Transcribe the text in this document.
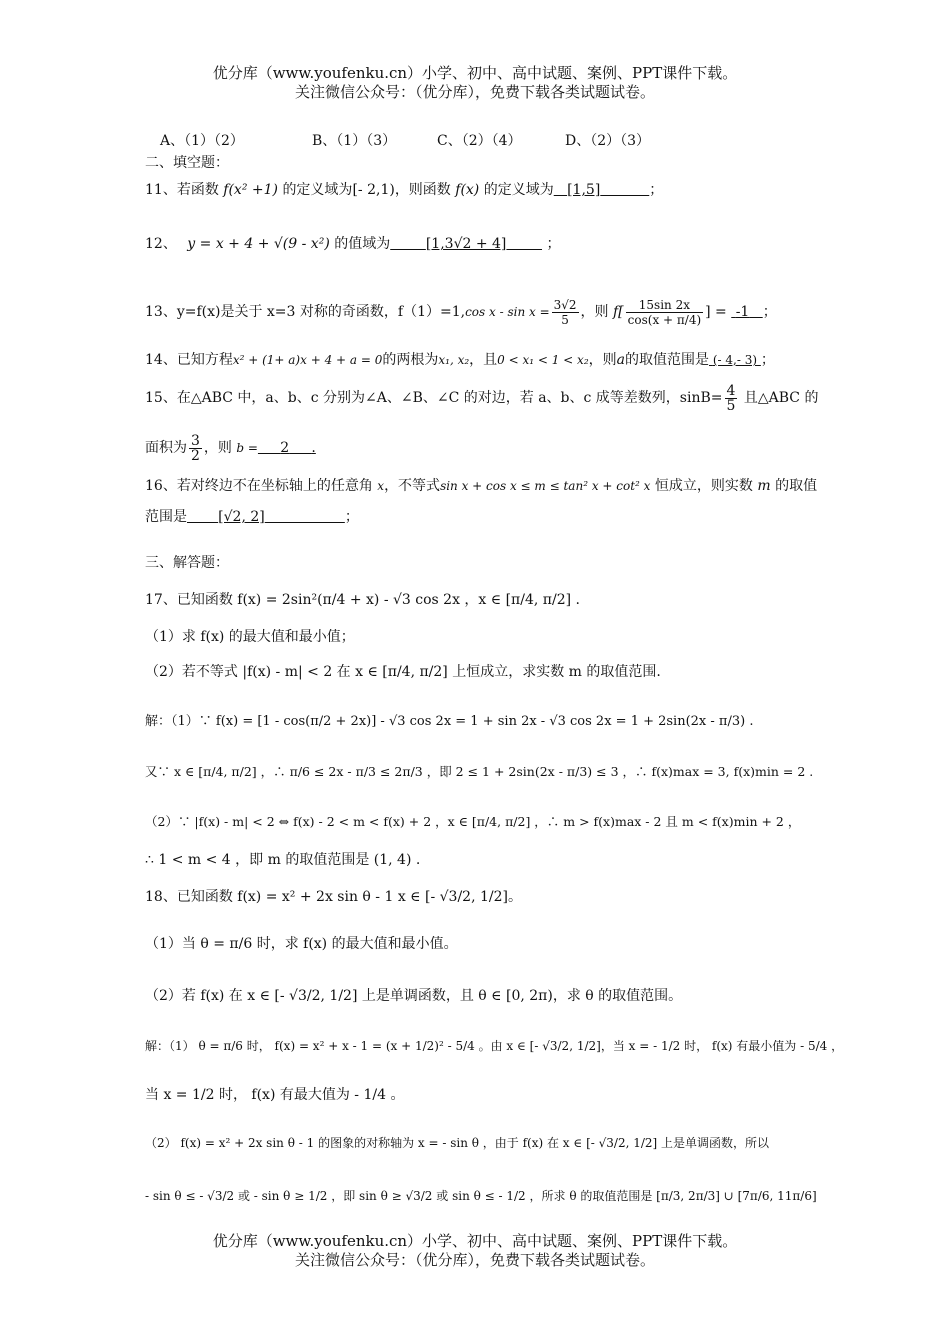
优分库（www.youfenku.cn）小学、初中、高中试题、案例、PPT课件下载。
关注微信公众号：（优分库），免费下载各类试题试卷。
A、（1）（2）	B、（1）（3）	C、（2）（4）	D、（2）（3）
二、填空题：
11、若函数 f(x² +1) 的定义域为[- 2,1)，则函数 f(x) 的定义域为 [1,5]	；
12、 y = x + 4 + √(9 - x²) 的值域为	[1,3√2 + 4]	；
13、y=f(x)是关于 x=3 对称的奇函数，f（1）=1,cos $x - \sin x = \frac{3√2}{5}$ ，则 $f[ \frac{15\sin 2x}{\cos(x + \pi/4)}$ ] = -1 ；
14、已知方程x² + (1+ a)x + 4 + a = 0的两根为x₁, x₂，且0 < x₁ < 1 < x₂，则a的取值范围是 (- 4,- 3) ；
15、在△ABC 中，a、b、c 分别为∠A、∠B、∠C 的对边，若 a、b、c 成等差数列，$\sin B= \frac{4}{5}$ 且△ABC 的
面积为 $\frac{3}{2}$ ，则 b = 2 .
16、若对终边不在坐标轴上的任意角 x，不等式sin x + cos x ≤ m ≤ tan² x + cot² x 恒成立，则实数 m 的取值
范围是 [√2, 2]	；
三、解答题：
17、已知函数 f(x) = 2sin²(π/4 + x) - √3 cos 2x ，x ∈ [π/4, π/2] .
（1）求 f(x) 的最大值和最小值；
（2）若不等式 |f(x) - m| < 2 在 x ∈ [π/4, π/2] 上恒成立，求实数 m 的取值范围.
解：（1）∵ f(x) = [1 - cos(π/2 + 2x)] - √3 cos 2x = 1 + sin 2x - √3 cos 2x = 1 + 2sin(2x - π/3) .
又∵ x ∈ [π/4, π/2] ，∴ π/6 ≤ 2x - π/3 ≤ 2π/3 ，即 2 ≤ 1 + 2sin(2x - π/3) ≤ 3 ，∴ f(x)max = 3, f(x)min = 2 .
（2）∵ |f(x) - m| < 2 ⇔ f(x) - 2 < m < f(x) + 2 ，x ∈ [π/4, π/2] ，∴ m > f(x)max - 2 且 m < f(x)min + 2 ，
∴ 1 < m < 4 ，即 m 的取值范围是 (1, 4) .
18、已知函数 f(x) = x² + 2x sin θ - 1 x ∈ [- √3/2, 1/2]。
（1）当 θ = π/6 时，求 f(x) 的最大值和最小值。
（2）若 f(x) 在 x ∈ [- √3/2, 1/2] 上是单调函数，且 θ ∈ [0, 2π)，求 θ 的取值范围。
解：（1） θ = π/6 时， f(x) = x² + x - 1 = (x + 1/2)² - 5/4 。由 x ∈ [- √3/2, 1/2]，当 x = - 1/2 时， f(x) 有最小值为 - 5/4 ，
当 x = 1/2 时， f(x) 有最大值为 - 1/4 。
（2） f(x) = x² + 2x sin θ - 1 的图象的对称轴为 x = - sin θ ，由于 f(x) 在 x ∈ [- √3/2, 1/2] 上是单调函数，所以
- sin θ ≤ - √3/2 或 - sin θ ≥ 1/2 ，即 sin θ ≥ √3/2 或 sin θ ≤ - 1/2 ，所求 θ 的取值范围是 [π/3, 2π/3] ∪ [7π/6, 11π/6]
优分库（www.youfenku.cn）小学、初中、高中试题、案例、PPT课件下载。
关注微信公众号：（优分库），免费下载各类试题试卷。
